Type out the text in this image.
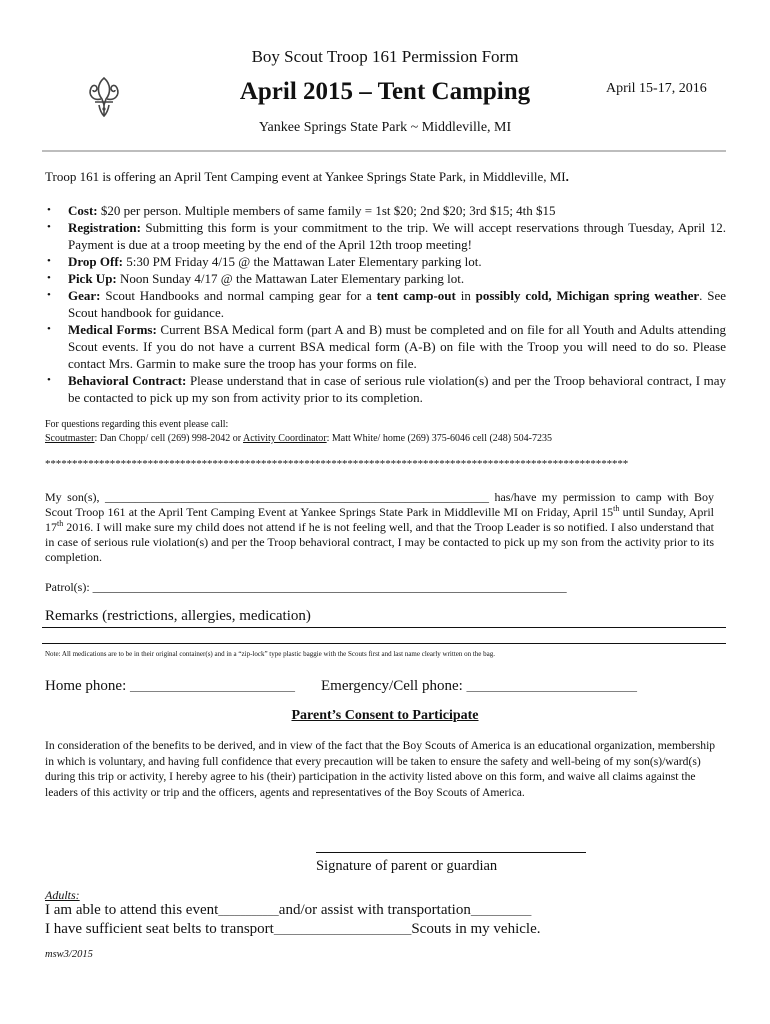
Boy Scout Troop 161 Permission Form
April 2015 – Tent Camping	April 15-17, 2016
Yankee Springs State Park ~ Middleville, MI
Troop 161 is offering an April Tent Camping event at Yankee Springs State Park, in Middleville, MI.
• Cost: $20 per person. Multiple members of same family = 1st $20; 2nd $20; 3rd $15; 4th $15
• Registration: Submitting this form is your commitment to the trip. We will accept reservations through Tuesday, April 12. Payment is due at a troop meeting by the end of the April 12th troop meeting!
• Drop Off: 5:30 PM Friday 4/15 @ the Mattawan Later Elementary parking lot.
• Pick Up: Noon Sunday 4/17 @ the Mattawan Later Elementary parking lot.
• Gear: Scout Handbooks and normal camping gear for a tent camp-out in possibly cold, Michigan spring weather. See Scout handbook for guidance.
• Medical Forms: Current BSA Medical form (part A and B) must be completed and on file for all Youth and Adults attending Scout events. If you do not have a current BSA medical form (A-B) on file with the Troop you will need to do so. Please contact Mrs. Garmin to make sure the troop has your forms on file.
• Behavioral Contract: Please understand that in case of serious rule violation(s) and per the Troop behavioral contract, I may be contacted to pick up my son from activity prior to its completion.
For questions regarding this event please call:
Scoutmaster: Dan Chopp/ cell (269) 998-2042 or Activity Coordinator: Matt White/ home (269) 375-6046 cell (248) 504-7235
************************************************************************************************************
My son(s), ________________________________________________________________ has/have my permission to camp with Boy Scout Troop 161 at the April Tent Camping Event at Yankee Springs State Park in Middleville MI on Friday, April 15th until Sunday, April 17th 2016. I will make sure my child does not attend if he is not feeling well, and that the Troop Leader is so notified. I also understand that in case of serious rule violation(s) and per the Troop behavioral contract, I may be contacted to pick up my son from the activity prior to its completion.
Patrol(s): _______________________________________________________________________________
Remarks (restrictions, allergies, medication)
Note: All medications are to be in their original container(s) and in a “zip-lock” type plastic baggie with the Scouts first and last name clearly written on the bag.
Home phone: ______________________________ Emergency/Cell phone: _______________________________
Parent’s Consent to Participate
In consideration of the benefits to be derived, and in view of the fact that the Boy Scouts of America is an educational organization, membership in which is voluntary, and having full confidence that every precaution will be taken to ensure the safety and well-being of my son(s)/ward(s) during this trip or activity, I hereby agree to his (their) participation in the activity listed above on this form, and waive all claims against the leaders of this activity or trip and the officers, agents and representatives of the Boy Scouts of America.
Signature of parent or guardian
Adults:
I am able to attend this event___________and/or assist with transportation___________
I have sufficient seat belts to transport_________________________Scouts in my vehicle.
msw3/2015
